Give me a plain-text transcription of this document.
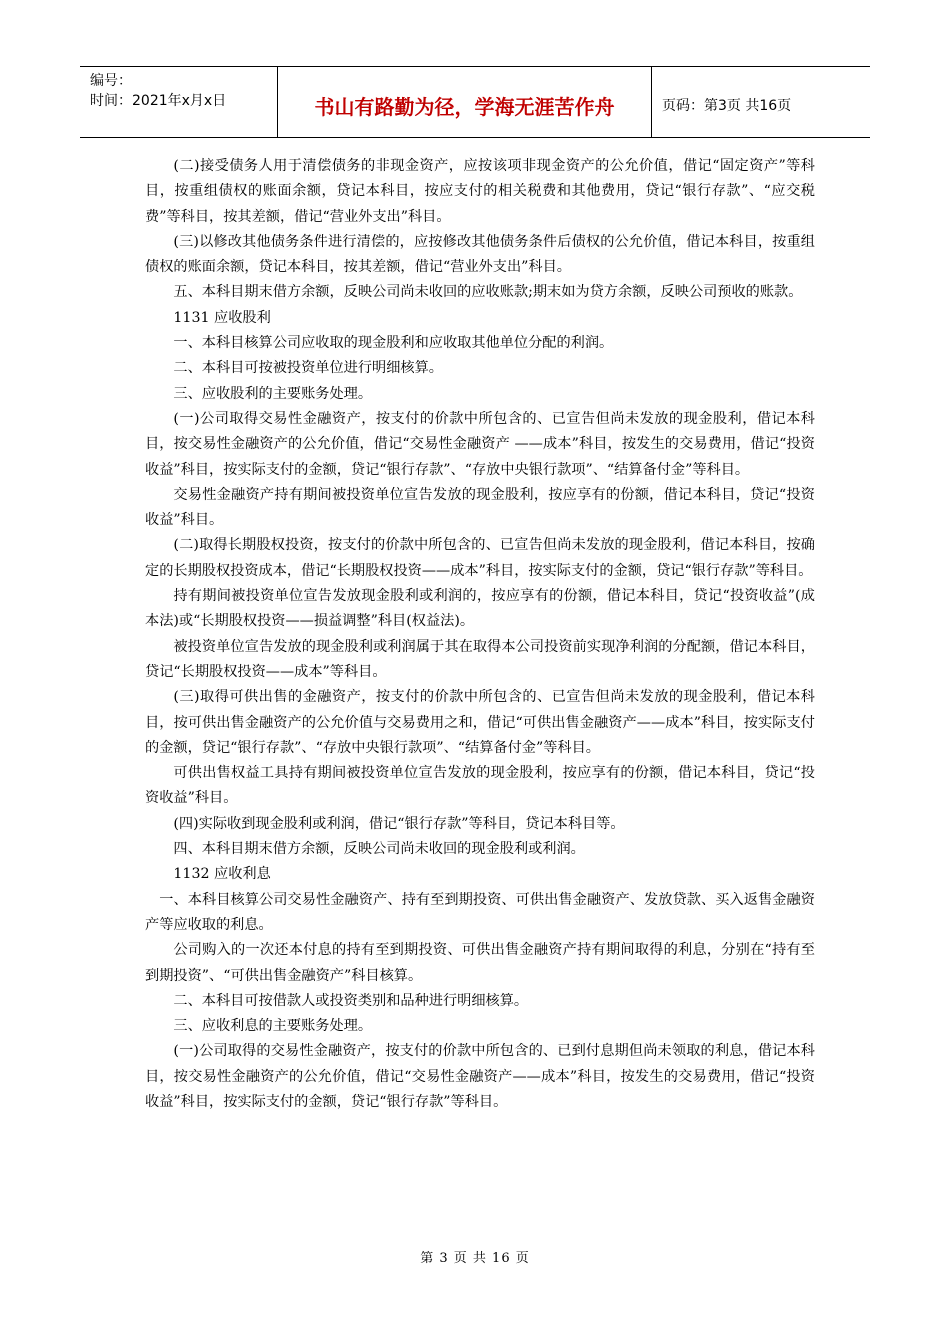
编号：
时间：2021年x月x日	书山有路勤为径，学海无涯苦作舟	页码：第3页 共16页

(二)接受债务人用于清偿债务的非现金资产，应按该项非现金资产的公允价值，借记“固定资产”等科目，按重组债权的账面余额，贷记本科目，按应支付的相关税费和其他费用，贷记“银行存款”、“应交税费”等科目，按其差额，借记“营业外支出”科目。

(三)以修改其他债务条件进行清偿的，应按修改其他债务条件后债权的公允价值，借记本科目，按重组债权的账面余额，贷记本科目，按其差额，借记“营业外支出”科目。

五、本科目期末借方余额，反映公司尚未收回的应收账款;期末如为贷方余额，反映公司预收的账款。

1131 应收股利

一、本科目核算公司应收取的现金股利和应收取其他单位分配的利润。

二、本科目可按被投资单位进行明细核算。

三、应收股利的主要账务处理。

(一)公司取得交易性金融资产，按支付的价款中所包含的、已宣告但尚未发放的现金股利，借记本科目，按交易性金融资产的公允价值，借记“交易性金融资产 ——成本”科目，按发生的交易费用，借记“投资收益”科目，按实际支付的金额，贷记“银行存款”、“存放中央银行款项”、“结算备付金”等科目。

交易性金融资产持有期间被投资单位宣告发放的现金股利，按应享有的份额，借记本科目，贷记“投资收益”科目。

(二)取得长期股权投资，按支付的价款中所包含的、已宣告但尚未发放的现金股利，借记本科目，按确定的长期股权投资成本，借记“长期股权投资——成本”科目，按实际支付的金额，贷记“银行存款”等科目。

持有期间被投资单位宣告发放现金股利或利润的，按应享有的份额，借记本科目，贷记“投资收益”(成本法)或“长期股权投资——损益调整”科目(权益法)。

被投资单位宣告发放的现金股利或利润属于其在取得本公司投资前实现净利润的分配额，借记本科目，贷记“长期股权投资——成本”等科目。

(三)取得可供出售的金融资产，按支付的价款中所包含的、已宣告但尚未发放的现金股利，借记本科目，按可供出售金融资产的公允价值与交易费用之和，借记“可供出售金融资产——成本”科目，按实际支付的金额，贷记“银行存款”、“存放中央银行款项”、“结算备付金”等科目。

可供出售权益工具持有期间被投资单位宣告发放的现金股利，按应享有的份额，借记本科目，贷记“投资收益”科目。

(四)实际收到现金股利或利润，借记“银行存款”等科目，贷记本科目等。

四、本科目期末借方余额，反映公司尚未收回的现金股利或利润。

1132 应收利息

一、本科目核算公司交易性金融资产、持有至到期投资、可供出售金融资产、发放贷款、买入返售金融资产等应收取的利息。

公司购入的一次还本付息的持有至到期投资、可供出售金融资产持有期间取得的利息，分别在“持有至到期投资”、“可供出售金融资产”科目核算。

二、本科目可按借款人或投资类别和品种进行明细核算。

三、应收利息的主要账务处理。

(一)公司取得的交易性金融资产，按支付的价款中所包含的、已到付息期但尚未领取的利息，借记本科目，按交易性金融资产的公允价值，借记“交易性金融资产——成本”科目，按发生的交易费用，借记“投资收益”科目，按实际支付的金额，贷记“银行存款”等科目。

第 3 页 共 16 页
